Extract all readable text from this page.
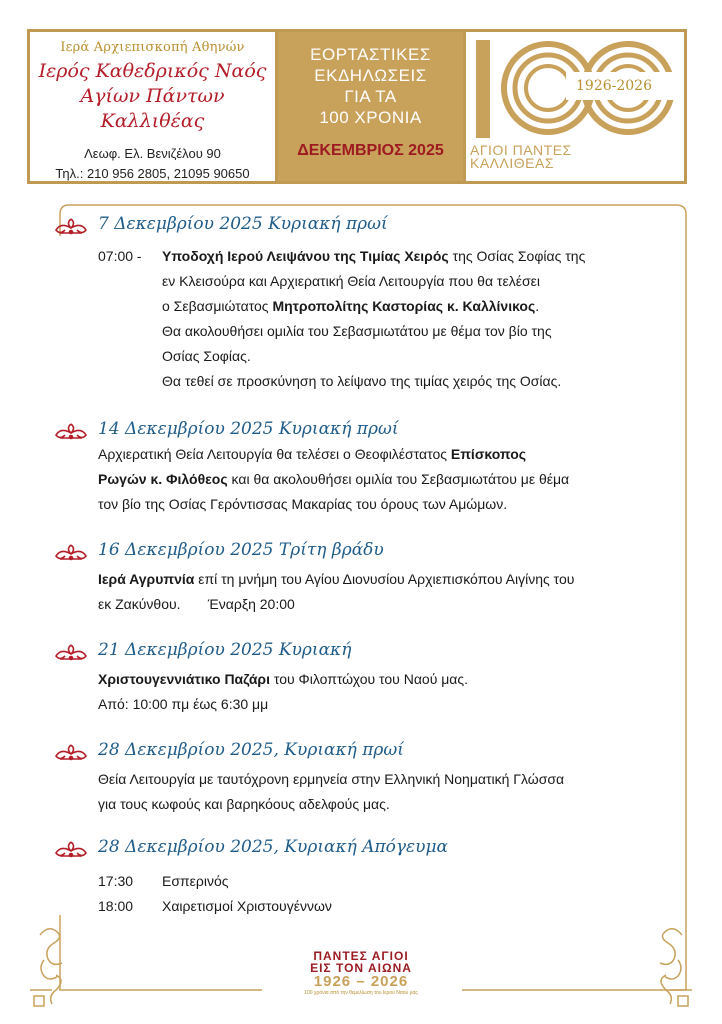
Ιερά Αρχιεπισκοπή Αθηνών
Ιερός Καθεδρικός Ναός
Αγίων Πάντων Καλλιθέας
Λεωφ. Ελ. Βενιζέλου 90
Τηλ.: 210 956 2805, 21095 90650
ΕΟΡΤΑΣΤΙΚΕΣ
ΕΚΔΗΛΩΣΕΙΣ
ΓΙΑ ΤΑ
100 ΧΡΟΝΙΑ
ΔΕΚΕΜΒΡΙΟΣ 2025
1926-2026
ΑΓΙΟΙ ΠΑΝΤΕΣ
ΚΑΛΛΙΘΕΑΣ
7 Δεκεμβρίου 2025 Κυριακή πρωί
07:00 - Υποδοχή Ιερού Λειψάνου της Τιμίας Χειρός της Οσίας Σοφίας της
εν Κλεισούρα και Αρχιερατική Θεία Λειτουργία που θα τελέσει
ο Σεβασμιώτατος Μητροπολίτης Καστορίας κ. Καλλίνικος.
Θα ακολουθήσει ομιλία του Σεβασμιωτάτου με θέμα τον βίο της
Οσίας Σοφίας.
Θα τεθεί σε προσκύνηση το λείψανο της τιμίας χειρός της Οσίας.
14 Δεκεμβρίου 2025 Κυριακή πρωί
Αρχιερατική Θεία Λειτουργία θα τελέσει ο Θεοφιλέστατος Επίσκοπος
Ρωγών κ. Φιλόθεος και θα ακολουθήσει ομιλία του Σεβασμιωτάτου με θέμα
τον βίο της Οσίας Γερόντισσας Μακαρίας του όρους των Αμώμων.
16 Δεκεμβρίου 2025 Τρίτη βράδυ
Ιερά Αγρυπνία επί τη μνήμη του Αγίου Διονυσίου Αρχιεπισκόπου Αιγίνης του
εκ Ζακύνθου.       Έναρξη 20:00
21 Δεκεμβρίου 2025 Κυριακή
Χριστουγεννιάτικο Παζάρι του Φιλοπτώχου του Ναού μας.
Από: 10:00 πμ έως 6:30 μμ
28 Δεκεμβρίου 2025, Κυριακή πρωί
Θεία Λειτουργία με ταυτόχρονη ερμηνεία στην Ελληνική Νοηματική Γλώσσα
για τους κωφούς και βαρηκόους αδελφούς μας.
28 Δεκεμβρίου 2025, Κυριακή Απόγευμα
17:30 Εσπερινός
18:00 Χαιρετισμοί Χριστουγέννων
ΠΑΝΤΕΣ ΑΓΙΟΙ
ΕΙΣ ΤΟΝ ΑΙΩΝΑ
1926 – 2026
100 χρόνια από την θεμελίωση του Ιερού Ναού μας
